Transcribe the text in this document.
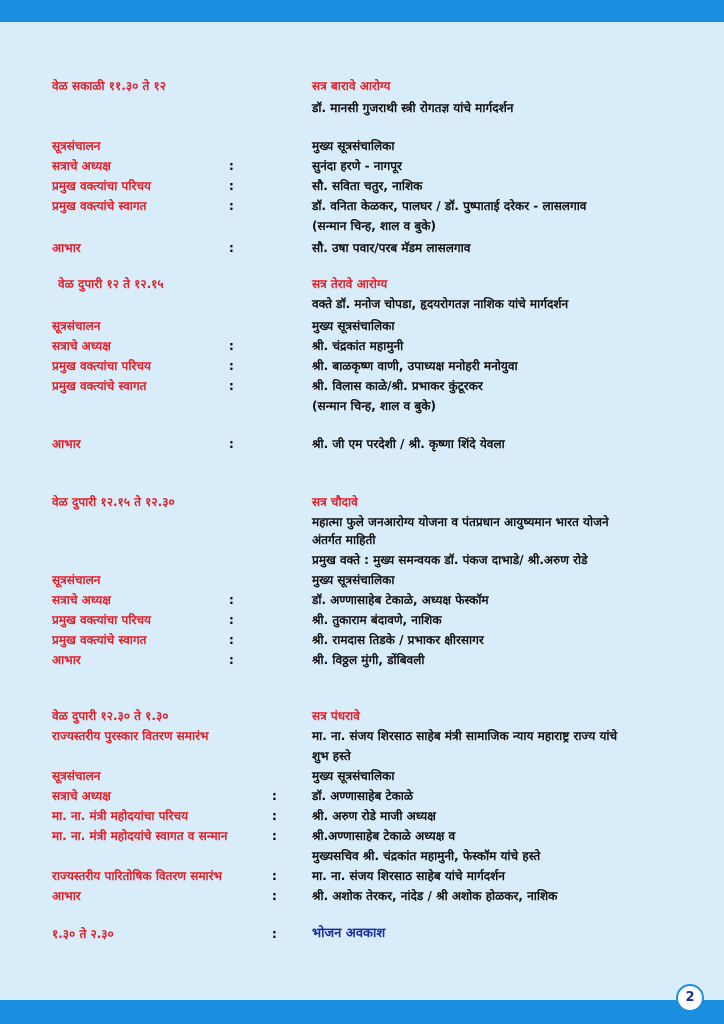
वेळ सकाळी ११.३० ते १२	सत्र बारावे आरोग्य
डॉ. मानसी गुजराथी स्त्री रोगतज्ञ यांचे मार्गदर्शन
सूत्रसंचालन	मुख्य सूत्रसंचालिका
सत्राचे अध्यक्ष	:	सुनंदा हरणे - नागपूर
प्रमुख वक्त्यांचा परिचय	:	सौ. सविता चतुर, नाशिक
प्रमुख वक्त्यांचे स्वागत	:	डॉ. वनिता केळकर, पालघर / डॉ. पुष्पाताई दरेकर - लासलगाव
(सन्मान चिन्ह, शाल व बुके)
आभार	:	सौ. उषा पवार/परब मॅडम लासलगाव
वेळ दुपारी १२ ते १२.१५	सत्र तेरावे आरोग्य
वक्ते डॉ. मनोज चोपडा, हृदयरोगतज्ञ नाशिक यांचे मार्गदर्शन
सूत्रसंचालन	मुख्य सूत्रसंचालिका
सत्राचे अध्यक्ष	:	श्री. चंद्रकांत महामुनी
प्रमुख वक्त्यांचा परिचय	:	श्री. बाळकृष्ण वाणी, उपाध्यक्ष मनोहरी मनोयुवा
प्रमुख वक्त्यांचे स्वागत	:	श्री. विलास काळे/श्री. प्रभाकर कुंटूरकर
(सन्मान चिन्ह, शाल व बुके)
आभार	:	श्री. जी एम परदेशी / श्री. कृष्णा शिंदे येवला
वेळ दुपारी १२.१५ ते १२.३०	सत्र चौदावे
महात्मा फुले जनआरोग्य योजना व पंतप्रधान आयुष्यमान भारत योजने
अंतर्गत माहिती
प्रमुख वक्ते : मुख्य समन्वयक डॉ. पंकज दाभाडे/ श्री.अरुण रोडे
सूत्रसंचालन	मुख्य सूत्रसंचालिका
सत्राचे अध्यक्ष	:	डॉ. अण्णासाहेब टेकाळे, अध्यक्ष फेस्कॉम
प्रमुख वक्त्यांचा परिचय	:	श्री. तुकाराम बंदावणे, नाशिक
प्रमुख वक्त्यांचे स्वागत	:	श्री. रामदास तिडके / प्रभाकर क्षीरसागर
आभार	:	श्री. विठ्ठल मुंगी, डोंबिवली
वेळ दुपारी १२.३० ते १.३०	सत्र पंधरावे
राज्यस्तरीय पुरस्कार वितरण समारंभ	मा. ना. संजय शिरसाठ साहेब मंत्री सामाजिक न्याय महाराष्ट्र राज्य यांचे
शुभ हस्ते
सूत्रसंचालन	मुख्य सूत्रसंचालिका
सत्राचे अध्यक्ष	:	डॉ. अण्णासाहेब टेकाळे
मा. ना. मंत्री महोदयांचा परिचय	:	श्री. अरुण रोडे माजी अध्यक्ष
मा. ना. मंत्री महोदयांचे स्वागत व सन्मान	:	श्री.अण्णासाहेब टेकाळे अध्यक्ष व
मुख्यसचिव श्री. चंद्रकांत महामुनी, फेस्कॉम यांचे हस्ते
राज्यस्तरीय पारितोषिक वितरण समारंभ	:	मा. ना. संजय शिरसाठ साहेब यांचे मार्गदर्शन
आभार	:	श्री. अशोक तेरकर, नांदेड / श्री अशोक होळकर, नाशिक
१.३० ते २.३०	:	भोजन अवकाश
2
